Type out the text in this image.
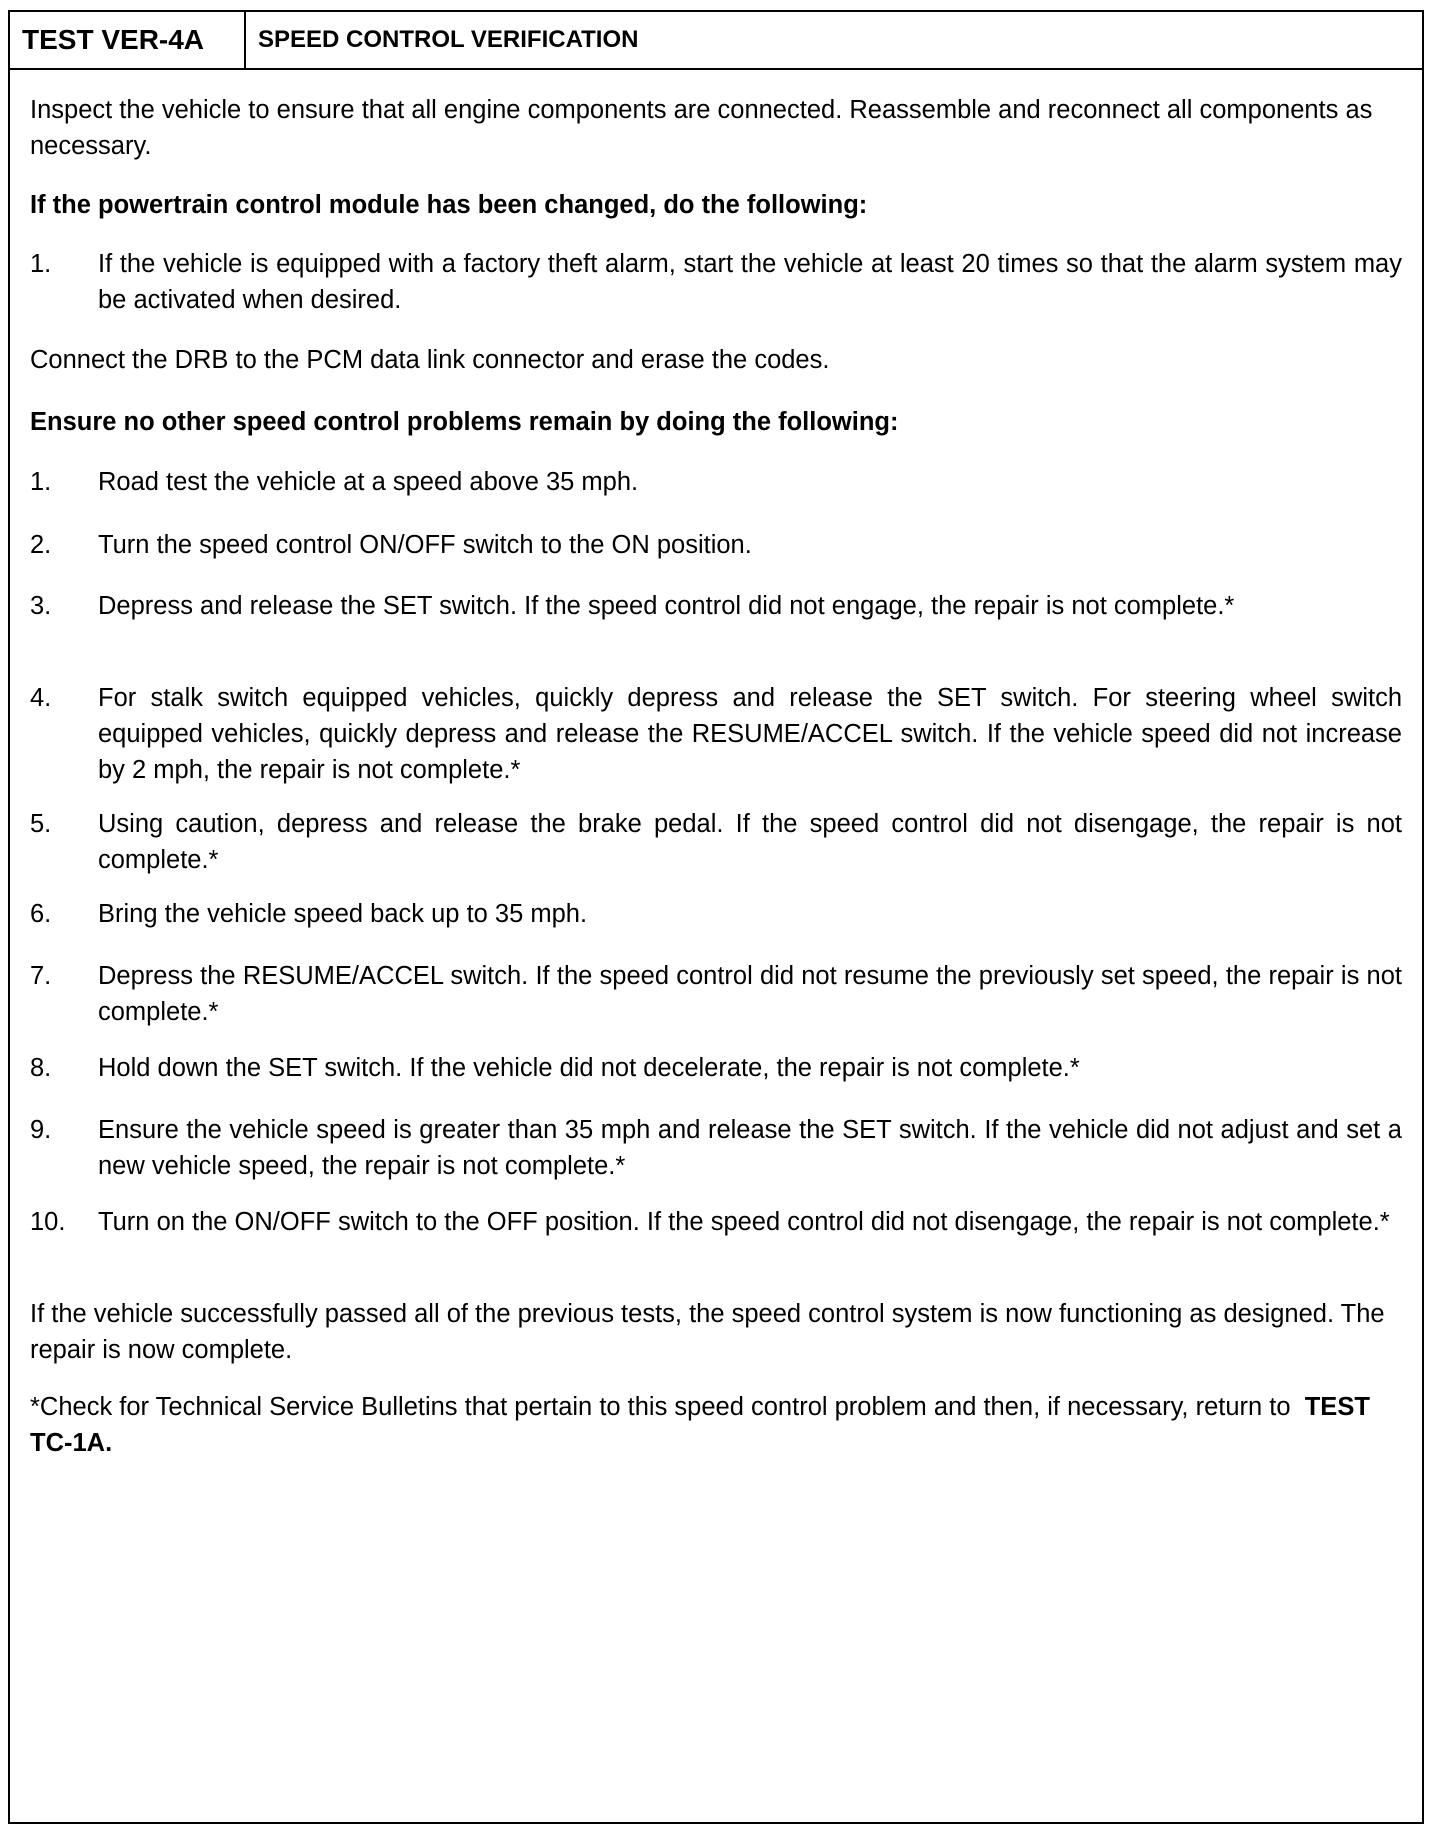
TEST VER-4A	SPEED CONTROL VERIFICATION

Inspect the vehicle to ensure that all engine components are connected. Reassemble and reconnect all components as necessary.

If the powertrain control module has been changed, do the following:

1.	If the vehicle is equipped with a factory theft alarm, start the vehicle at least 20 times so that the alarm system may be activated when desired.

Connect the DRB to the PCM data link connector and erase the codes.

Ensure no other speed control problems remain by doing the following:

1.	Road test the vehicle at a speed above 35 mph.
2.	Turn the speed control ON/OFF switch to the ON position.
3.	Depress and release the SET switch. If the speed control did not engage, the repair is not complete.*
4.	For stalk switch equipped vehicles, quickly depress and release the SET switch. For steering wheel switch equipped vehicles, quickly depress and release the RESUME/ACCEL switch. If the vehicle speed did not increase by 2 mph, the repair is not complete.*
5.	Using caution, depress and release the brake pedal. If the speed control did not disengage, the repair is not complete.*
6.	Bring the vehicle speed back up to 35 mph.
7.	Depress the RESUME/ACCEL switch. If the speed control did not resume the previously set speed, the repair is not complete.*
8.	Hold down the SET switch. If the vehicle did not decelerate, the repair is not complete.*
9.	Ensure the vehicle speed is greater than 35 mph and release the SET switch. If the vehicle did not adjust and set a new vehicle speed, the repair is not complete.*
10.	Turn on the ON/OFF switch to the OFF position. If the speed control did not disengage, the repair is not complete.*

If the vehicle successfully passed all of the previous tests, the speed control system is now functioning as designed. The repair is now complete.

*Check for Technical Service Bulletins that pertain to this speed control problem and then, if necessary, return to TEST TC-1A.
